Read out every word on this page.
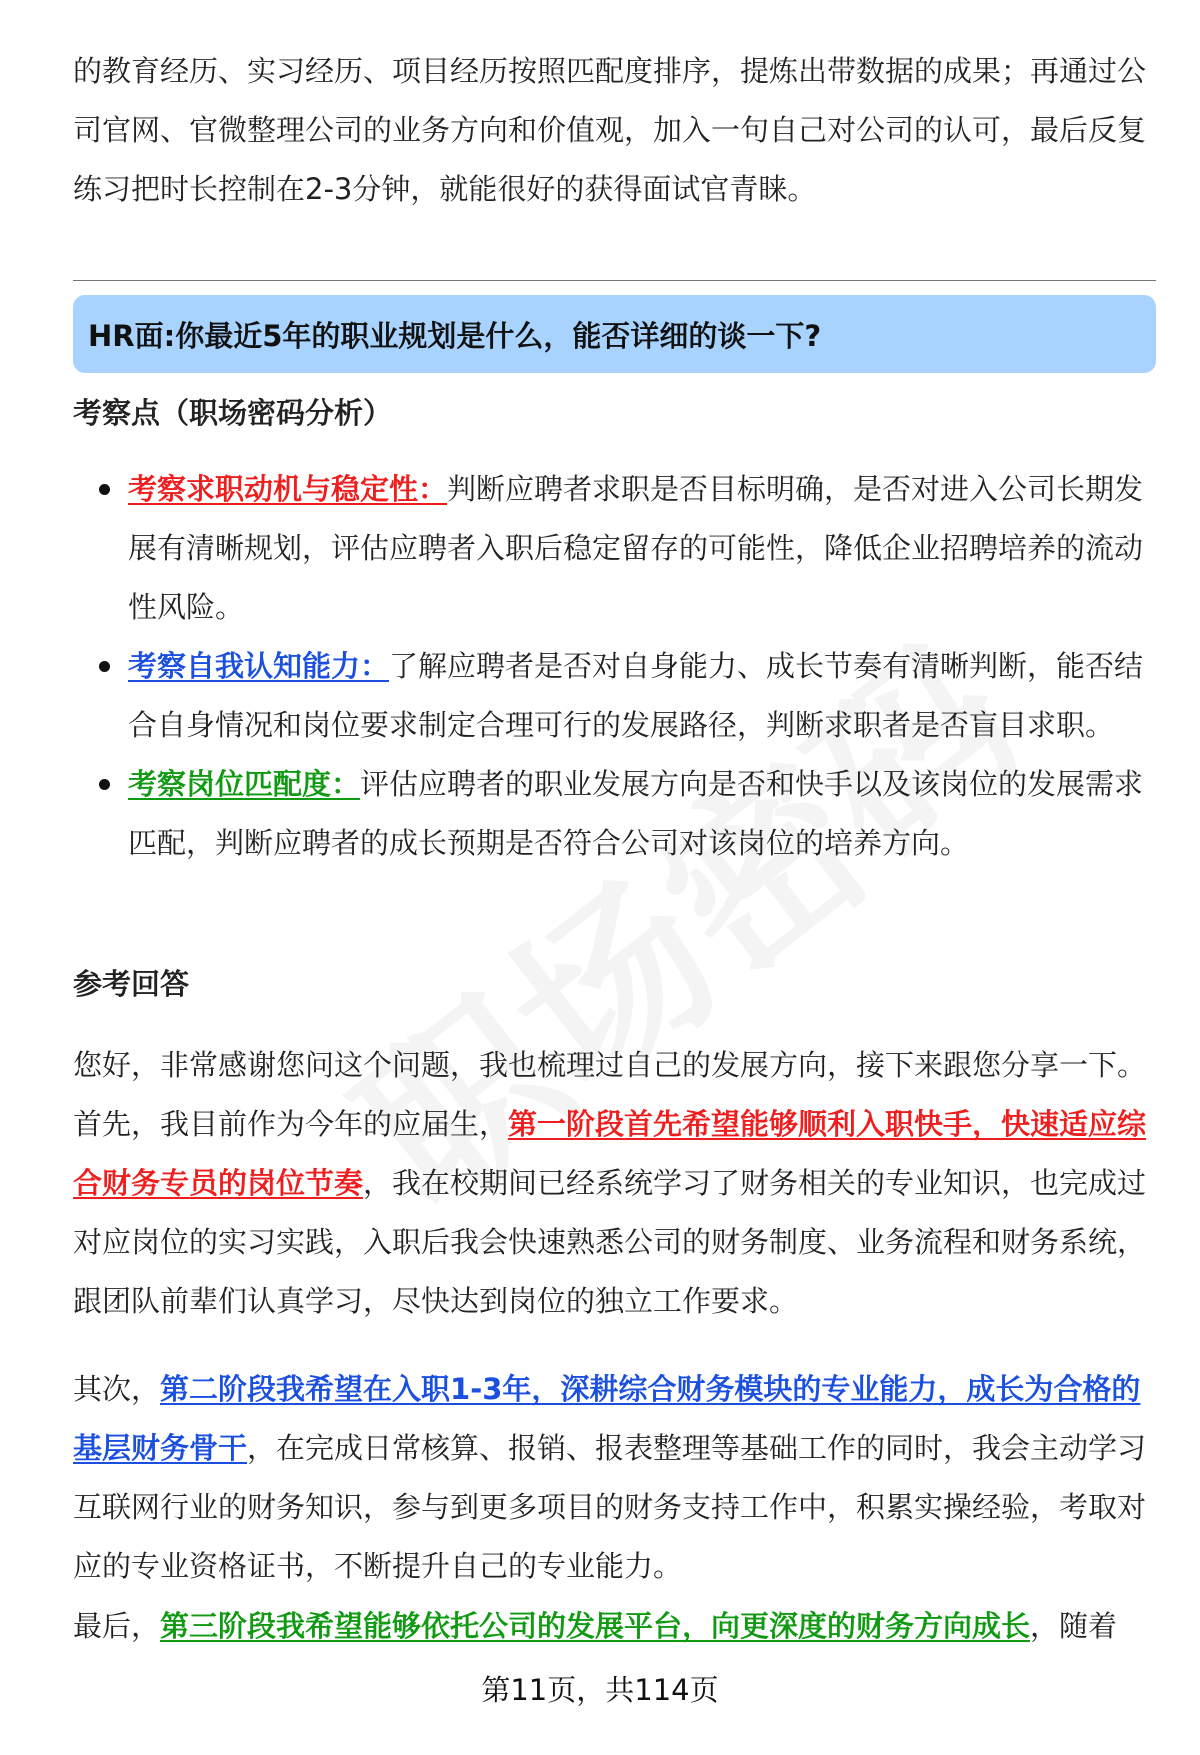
的教育经历、实习经历、项目经历按照匹配度排序，提炼出带数据的成果；再通过公司官网、官微整理公司的业务方向和价值观，加入一句自己对公司的认可，最后反复练习把时长控制在2-3分钟，就能很好的获得面试官青睐。

HR面:你最近5年的职业规划是什么，能否详细的谈一下?

考察点（职场密码分析）

考察求职动机与稳定性：判断应聘者求职是否目标明确，是否对进入公司长期发展有清晰规划，评估应聘者入职后稳定留存的可能性，降低企业招聘培养的流动性风险。
考察自我认知能力：了解应聘者是否对自身能力、成长节奏有清晰判断，能否结合自身情况和岗位要求制定合理可行的发展路径，判断求职者是否盲目求职。
考察岗位匹配度：评估应聘者的职业发展方向是否和快手以及该岗位的发展需求匹配，判断应聘者的成长预期是否符合公司对该岗位的培养方向。

参考回答

您好，非常感谢您问这个问题，我也梳理过自己的发展方向，接下来跟您分享一下。首先，我目前作为今年的应届生，第一阶段首先希望能够顺利入职快手，快速适应综合财务专员的岗位节奏，我在校期间已经系统学习了财务相关的专业知识，也完成过对应岗位的实习实践，入职后我会快速熟悉公司的财务制度、业务流程和财务系统，跟团队前辈们认真学习，尽快达到岗位的独立工作要求。

其次，第二阶段我希望在入职1-3年，深耕综合财务模块的专业能力，成长为合格的基层财务骨干，在完成日常核算、报销、报表整理等基础工作的同时，我会主动学习互联网行业的财务知识，参与到更多项目的财务支持工作中，积累实操经验，考取对应的专业资格证书，不断提升自己的专业能力。

最后，第三阶段我希望能够依托公司的发展平台，向更深度的财务方向成长，随着

第11页，共114页
